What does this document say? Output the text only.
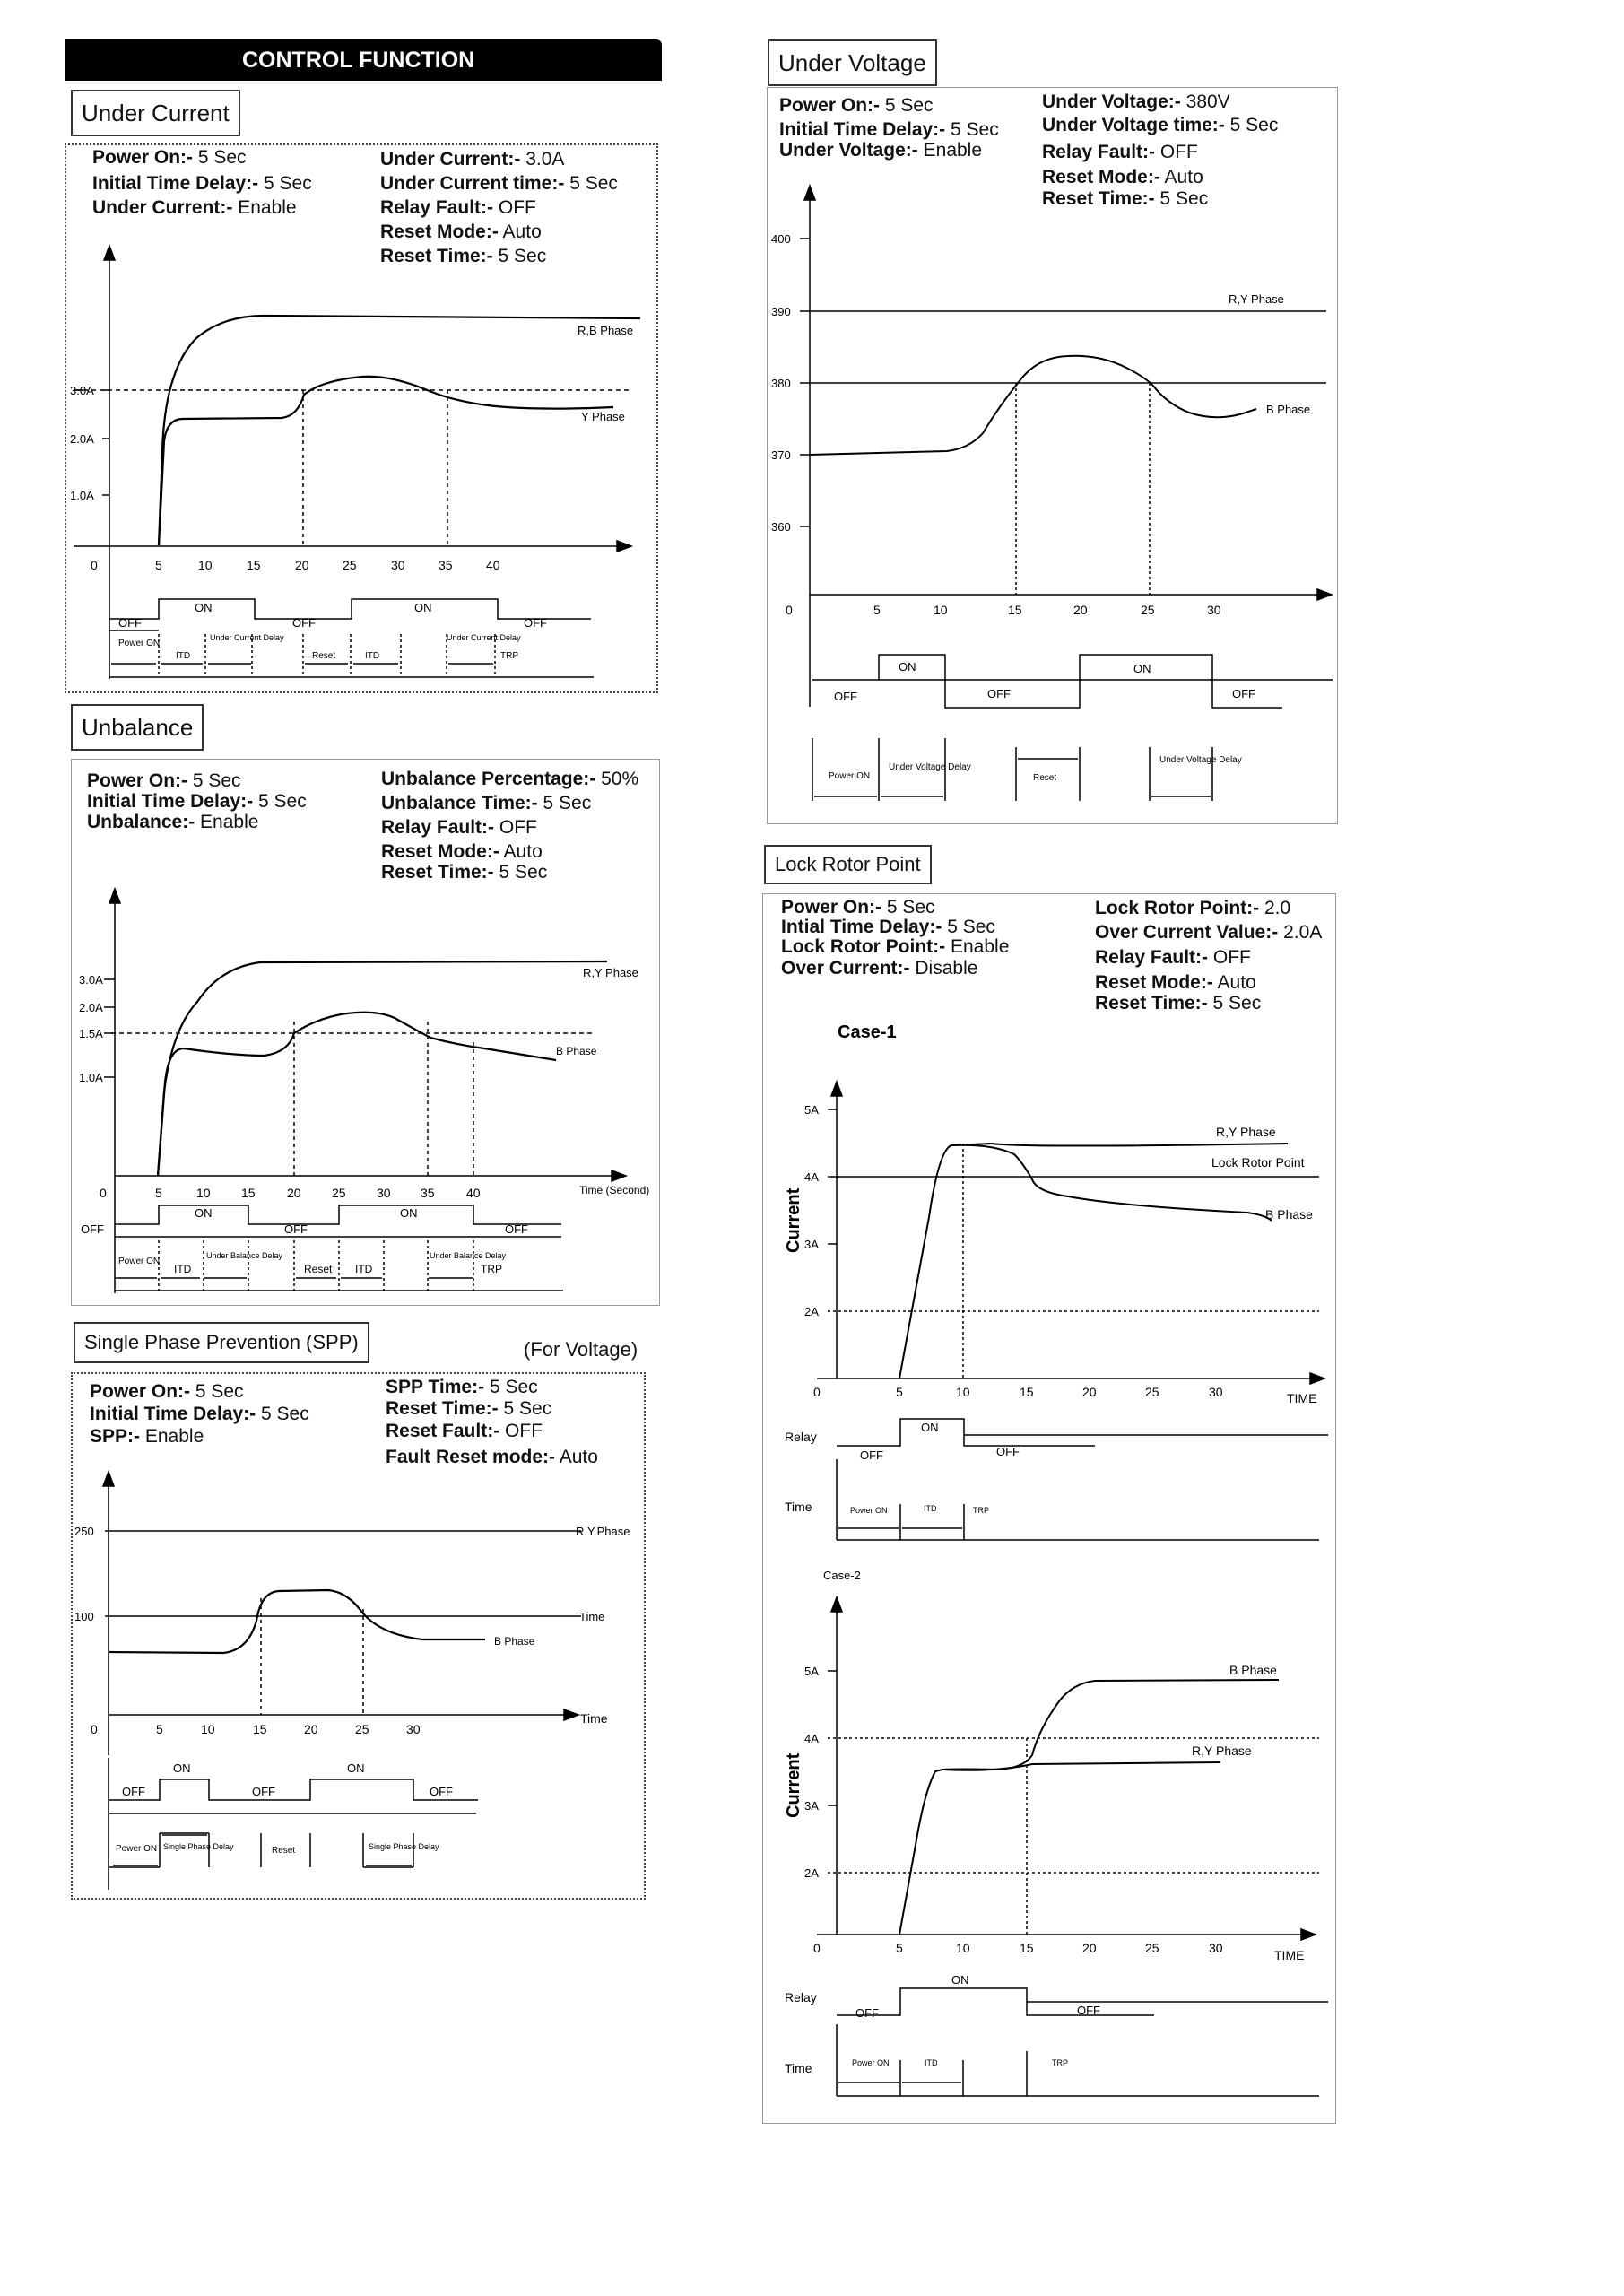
CONTROL FUNCTION
Under Current
Power On:- 5 Sec
Initial Time Delay:- 5 Sec
Under Current:- Enable
Under Current:- 3.0A
Under Current time:- 5 Sec
Relay Fault:- OFF
Reset Mode:- Auto
Reset Time:- 5 Sec
3.0A
2.0A
1.0A
0	5	10	15	20	25	30	35	40
R,B Phase
Y Phase
OFF
ON
OFF
ON
OFF
Power ON
ITD
Under Current Delay
Reset	ITD
Under Current Delay
TRP
Unbalance
Power On:- 5 Sec
Initial Time Delay:- 5 Sec
Unbalance:- Enable
Unbalance Percentage:- 50%
Unbalance Time:- 5 Sec
Relay Fault:- OFF
Reset Mode:- Auto
Reset Time:- 5 Sec
3.0A
2.0A
1.5A
1.0A
0	5	10 15	20 25 30 35	40	Time (Second)
R,Y Phase
B Phase
OFF
ON
OFF
ON
OFF
Power ON
ITD
Under Balance Delay
Reset ITD
Under Balance Delay
TRP
Single Phase Prevention (SPP)	(For Voltage)
Power On:- 5 Sec
Initial Time Delay:- 5 Sec
SPP:- Enable
SPP Time:- 5 Sec
Reset Time:- 5 Sec
Reset Fault:- OFF
Fault Reset mode:- Auto
250
100
0	5	10	15	20	25	30
Time
R.Y.Phase
Time
B Phase
OFF
ON
OFF
ON
OFF
Power ON Single Phase Delay	Reset	Single Phase Delay
Under Voltage
Power On:- 5 Sec
Initial Time Delay:- 5 Sec
Under Voltage:- Enable
Under Voltage:- 380V
Under Voltage time:- 5 Sec
Relay Fault:- OFF
Reset Mode:- Auto
Reset Time:- 5 Sec
400
390
380
370
360
0	5	10	15	20	25	30
R,Y Phase
B Phase
OFF
ON
OFF
ON
OFF
Power ON
Under Voltage Delay
Reset
Under Voltage Delay
Lock Rotor Point
Power On:- 5 Sec
Intial Time Delay:- 5 Sec
Lock Rotor Point:- Enable
Over Current:- Disable
Lock Rotor Point:- 2.0
Over Current Value:- 2.0A
Relay Fault:- OFF
Reset Mode:- Auto
Reset Time:- 5 Sec
Case-1
Current
5A
4A
3A
2A
0	5	10	15	20	25	30	TIME
R,Y Phase
Lock Rotor Point
B Phase
Relay
Time
OFF
ON
OFF
Power ON	ITD	TRP
Case-2
Current
5A
4A
3A
2A
0	5	10	15	20	25	30	TIME
B Phase
R,Y Phase
Relay
Time
OFF
ON
OFF
Power ON	ITD	TRP
